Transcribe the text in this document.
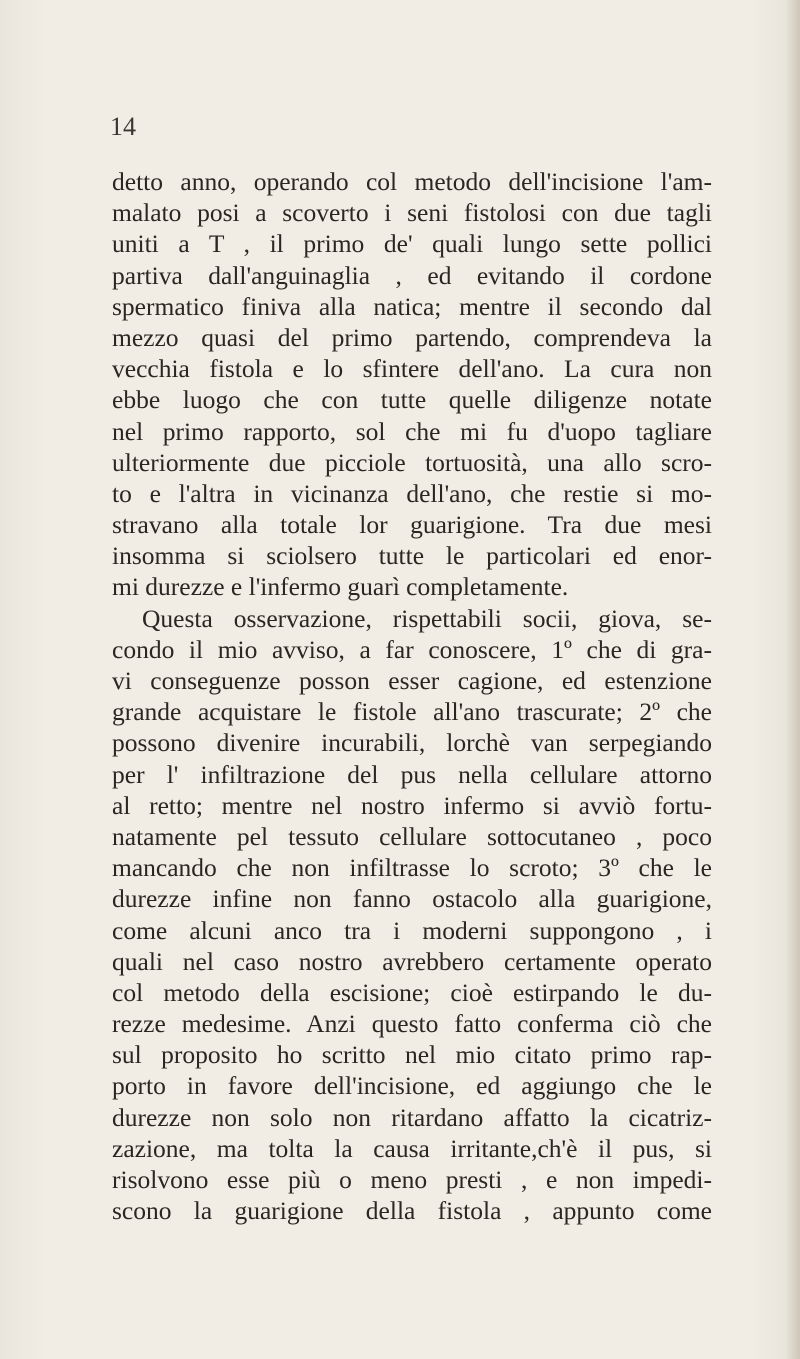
14
detto anno, operando col metodo dell'incisione l'am-
malato posi a scoverto i seni fistolosi con due tagli
uniti a T , il primo de' quali lungo sette pollici
partiva dall'anguinaglia , ed evitando il cordone
spermatico finiva alla natica; mentre il secondo dal
mezzo quasi del primo partendo, comprendeva la
vecchia fistola e lo sfintere dell'ano. La cura non
ebbe luogo che con tutte quelle diligenze notate
nel primo rapporto, sol che mi fu d'uopo tagliare
ulteriormente due picciole tortuosità, una allo scro-
to e l'altra in vicinanza dell'ano, che restie si mo-
stravano alla totale lor guarigione. Tra due mesi
insomma si sciolsero tutte le particolari ed enor-
mi durezze e l'infermo guarì completamente.
Questa osservazione, rispettabili socii, giova, se-
condo il mio avviso, a far conoscere, 1º che di gra-
vi conseguenze posson esser cagione, ed estenzione
grande acquistare le fistole all'ano trascurate; 2º che
possono divenire incurabili, lorchè van serpegiando
per l' infiltrazione del pus nella cellulare attorno
al retto; mentre nel nostro infermo si avviò fortu-
natamente pel tessuto cellulare sottocutaneo , poco
mancando che non infiltrasse lo scroto; 3º che le
durezze infine non fanno ostacolo alla guarigione,
come alcuni anco tra i moderni suppongono , i
quali nel caso nostro avrebbero certamente operato
col metodo della escisione; cioè estirpando le du-
rezze medesime. Anzi questo fatto conferma ciò che
sul proposito ho scritto nel mio citato primo rap-
porto in favore dell'incisione, ed aggiungo che le
durezze non solo non ritardano affatto la cicatriz-
zazione, ma tolta la causa irritante,ch'è il pus, si
risolvono esse più o meno presti , e non impedi-
scono la guarigione della fistola , appunto come
